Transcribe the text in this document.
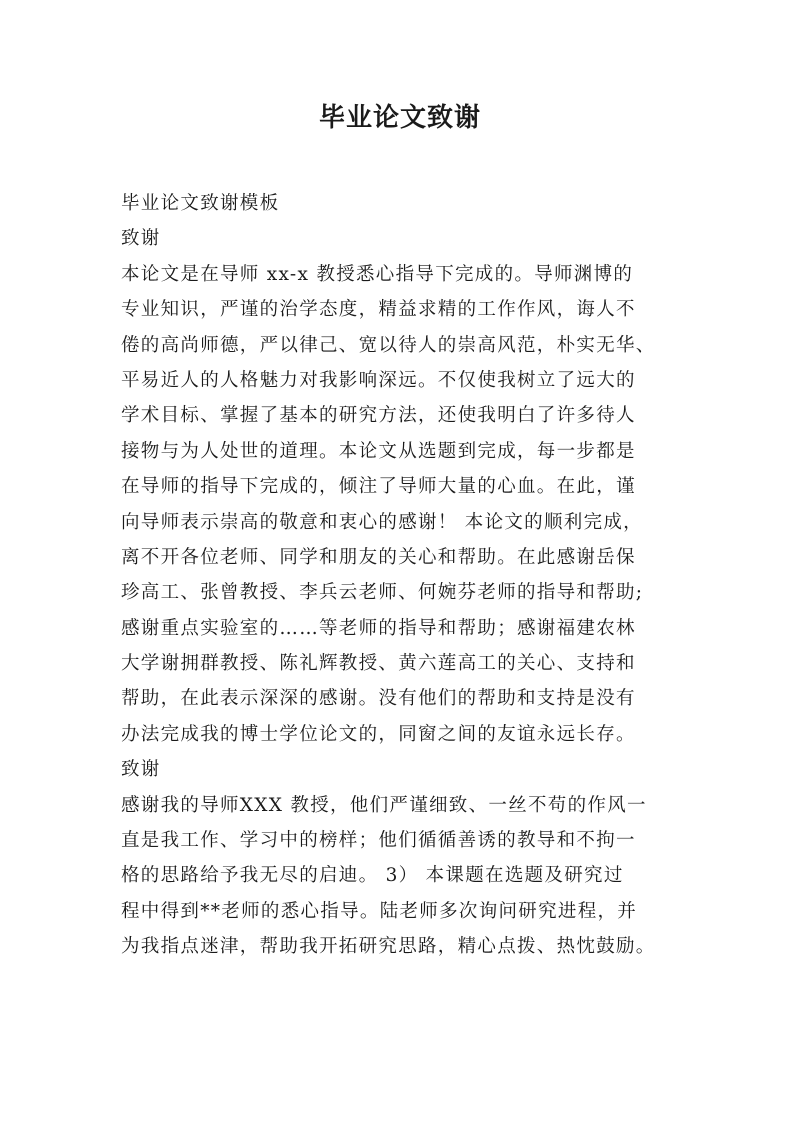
毕业论文致谢
毕业论文致谢模板
致谢
本论文是在导师 xx-x 教授悉心指导下完成的。导师渊博的
专业知识，严谨的治学态度，精益求精的工作作风，诲人不
倦的高尚师德，严以律己、宽以待人的崇高风范，朴实无华、
平易近人的人格魅力对我影响深远。不仅使我树立了远大的
学术目标、掌握了基本的研究方法，还使我明白了许多待人
接物与为人处世的道理。本论文从选题到完成，每一步都是
在导师的指导下完成的，倾注了导师大量的心血。在此，谨
向导师表示崇高的敬意和衷心的感谢！ 本论文的顺利完成，
离不开各位老师、同学和朋友的关心和帮助。在此感谢岳保
珍高工、张曾教授、李兵云老师、何婉芬老师的指导和帮助;
感谢重点实验室的……等老师的指导和帮助；感谢福建农林
大学谢拥群教授、陈礼辉教授、黄六莲高工的关心、支持和
帮助，在此表示深深的感谢。没有他们的帮助和支持是没有
办法完成我的博士学位论文的，同窗之间的友谊永远长存。
致谢
感谢我的导师XXX 教授，他们严谨细致、一丝不苟的作风一
直是我工作、学习中的榜样；他们循循善诱的教导和不拘一
格的思路给予我无尽的启迪。 3） 本课题在选题及研究过
程中得到**老师的悉心指导。陆老师多次询问研究进程，并
为我指点迷津，帮助我开拓研究思路，精心点拨、热忱鼓励。
